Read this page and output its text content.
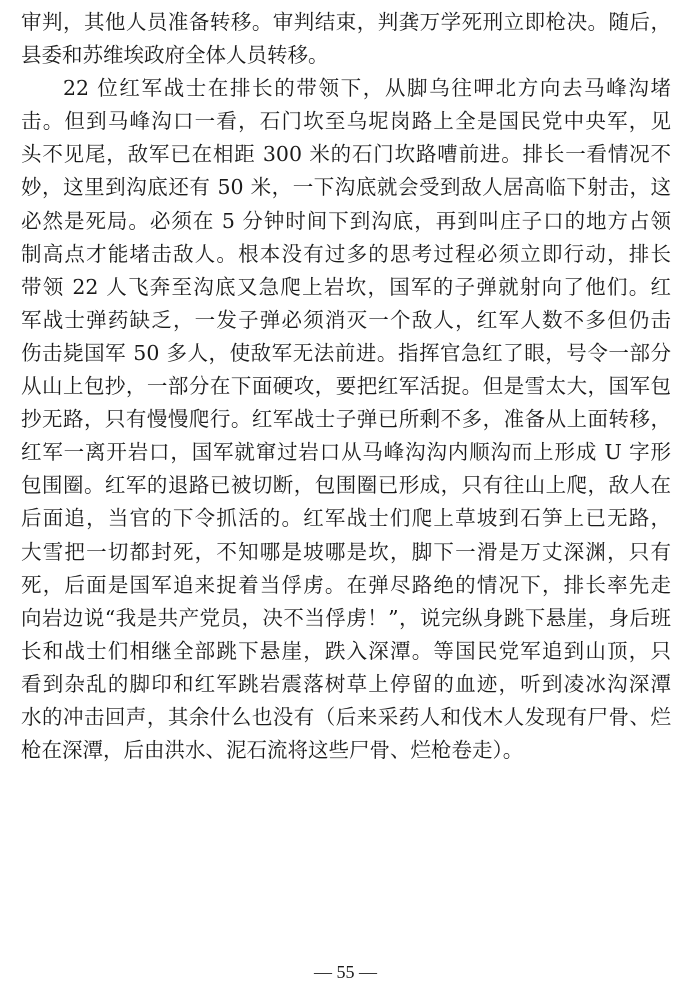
审判，其他人员准备转移。审判结束，判龚万学死刑立即枪决。随后，
县委和苏维埃政府全体人员转移。
22 位红军战士在排长的带领下，从脚乌往呷北方向去马峰沟堵
击。但到马峰沟口一看，石门坎至乌坭岗路上全是国民党中央军，见
头不见尾，敌军已在相距 300 米的石门坎路嘈前进。排长一看情况不
妙，这里到沟底还有 50 米，一下沟底就会受到敌人居高临下射击，这
必然是死局。必须在 5 分钟时间下到沟底，再到叫庄子口的地方占领
制高点才能堵击敌人。根本没有过多的思考过程必须立即行动，排长
带领 22 人飞奔至沟底又急爬上岩坎，国军的子弹就射向了他们。红
军战士弹药缺乏，一发子弹必须消灭一个敌人，红军人数不多但仍击
伤击毙国军 50 多人，使敌军无法前进。指挥官急红了眼，号令一部分
从山上包抄，一部分在下面硬攻，要把红军活捉。但是雪太大，国军包
抄无路，只有慢慢爬行。红军战士子弹已所剩不多，准备从上面转移，
红军一离开岩口，国军就窜过岩口从马峰沟沟内顺沟而上形成 U 字形
包围圈。红军的退路已被切断，包围圈已形成，只有往山上爬，敌人在
后面追，当官的下令抓活的。红军战士们爬上草坡到石笋上已无路，
大雪把一切都封死，不知哪是坡哪是坎，脚下一滑是万丈深渊，只有
死，后面是国军追来捉着当俘虏。在弹尽路绝的情况下，排长率先走
向岩边说“我是共产党员，决不当俘虏！”，说完纵身跳下悬崖，身后班
长和战士们相继全部跳下悬崖，跌入深潭。等国民党军追到山顶，只
看到杂乱的脚印和红军跳岩震落树草上停留的血迹，听到凌冰沟深潭
水的冲击回声，其余什么也没有（后来采药人和伐木人发现有尸骨、烂
枪在深潭，后由洪水、泥石流将这些尸骨、烂枪卷走）。
— 55 —
